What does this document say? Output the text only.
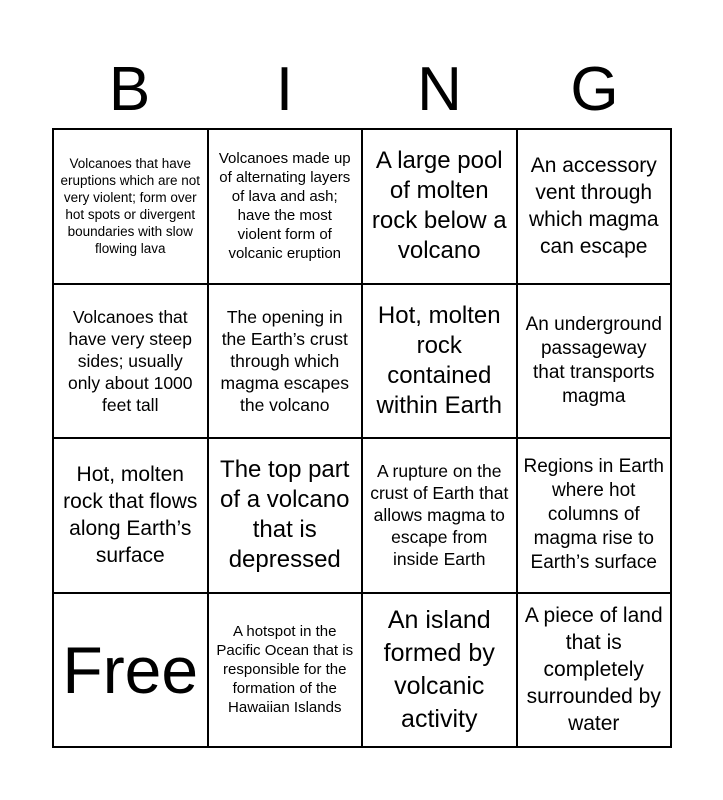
B	I	N	G
Volcanoes that have eruptions which are not very violent; form over hot spots or divergent boundaries with slow flowing lava
Volcanoes made up of alternating layers of lava and ash; have the most violent form of volcanic eruption
A large pool of molten rock below a volcano
An accessory vent through which magma can escape
Volcanoes that have very steep sides; usually only about 1000 feet tall
The opening in the Earth’s crust through which magma escapes the volcano
Hot, molten rock contained within Earth
An underground passageway that transports magma
Hot, molten rock that flows along Earth’s surface
The top part of a volcano that is depressed
A rupture on the crust of Earth that allows magma to escape from inside Earth
Regions in Earth where hot columns of magma rise to Earth’s surface
Free
A hotspot in the Pacific Ocean that is responsible for the formation of the Hawaiian Islands
An island formed by volcanic activity
A piece of land that is completely surrounded by water
